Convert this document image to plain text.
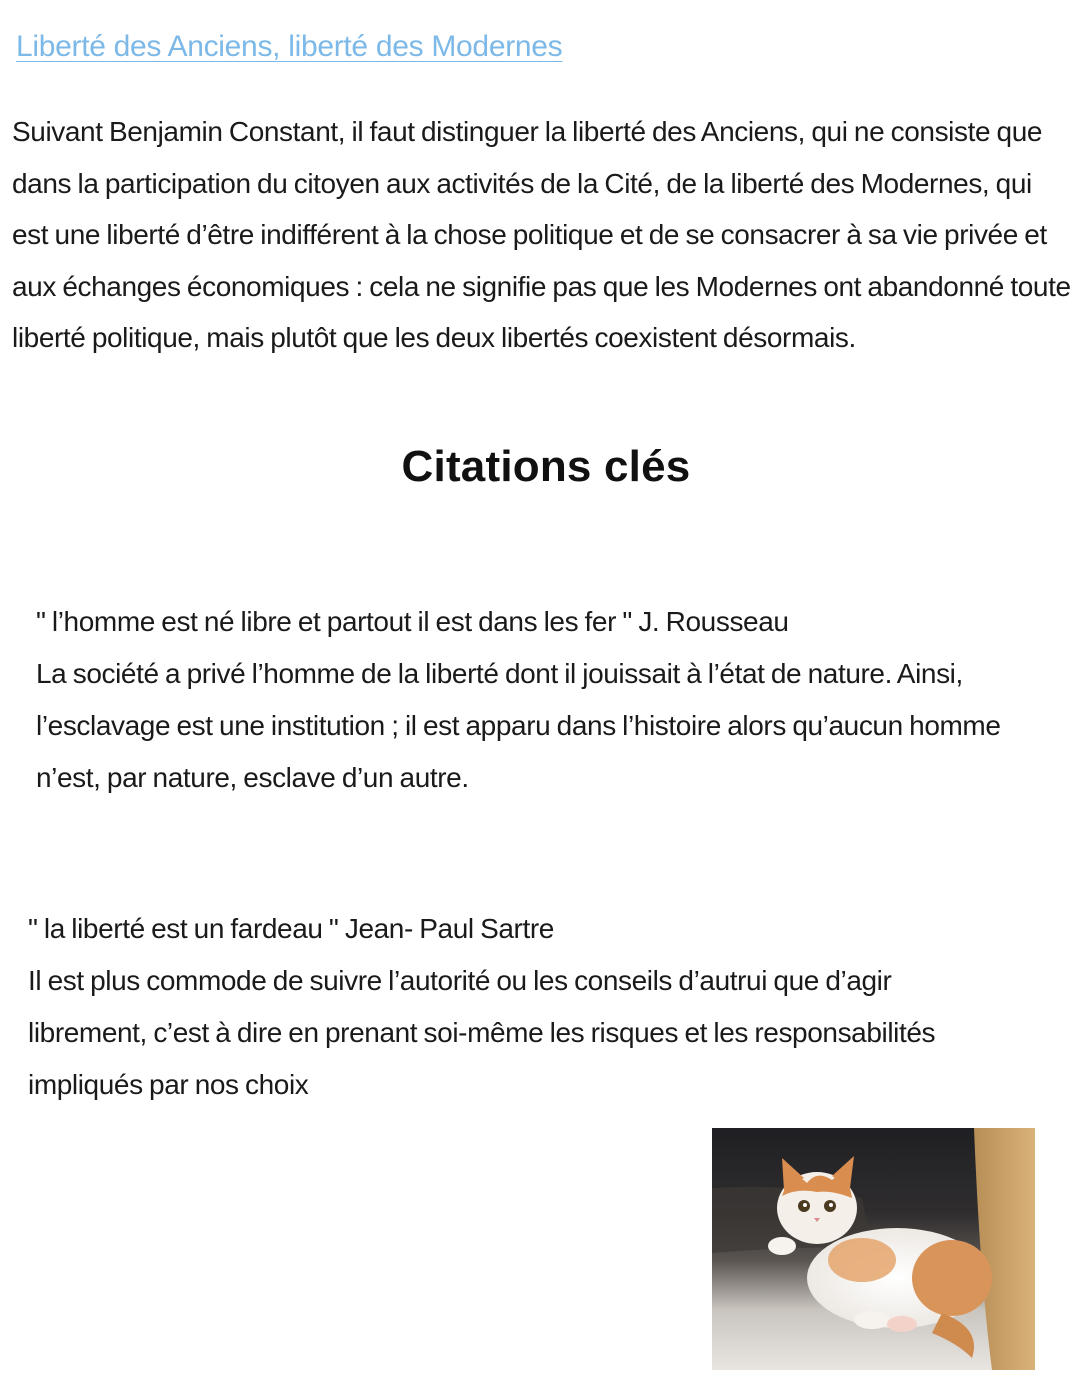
Liberté des Anciens, liberté des Modernes
Suivant Benjamin Constant, il faut distinguer la liberté des Anciens, qui ne consiste que dans la participation du citoyen aux activités de la Cité, de la liberté des Modernes, qui est une liberté d’être indifférent à la chose politique et de se consacrer à sa vie privée et aux échanges économiques : cela ne signifie pas que les Modernes ont abandonné toute liberté politique, mais plutôt que les deux libertés coexistent désormais.
Citations clés
" l’homme est né libre et partout il est dans les fer " J. Rousseau
La société a privé l’homme de la liberté dont il jouissait à l’état de nature. Ainsi, l’esclavage est une institution ; il est apparu dans l’histoire alors qu’aucun homme n’est, par nature, esclave d’un autre.
" la liberté est un fardeau " Jean- Paul Sartre
Il est plus commode de suivre l’autorité ou les conseils d’autrui que d’agir librement, c’est à dire en prenant soi-même les risques et les responsabilités impliqués par nos choix
